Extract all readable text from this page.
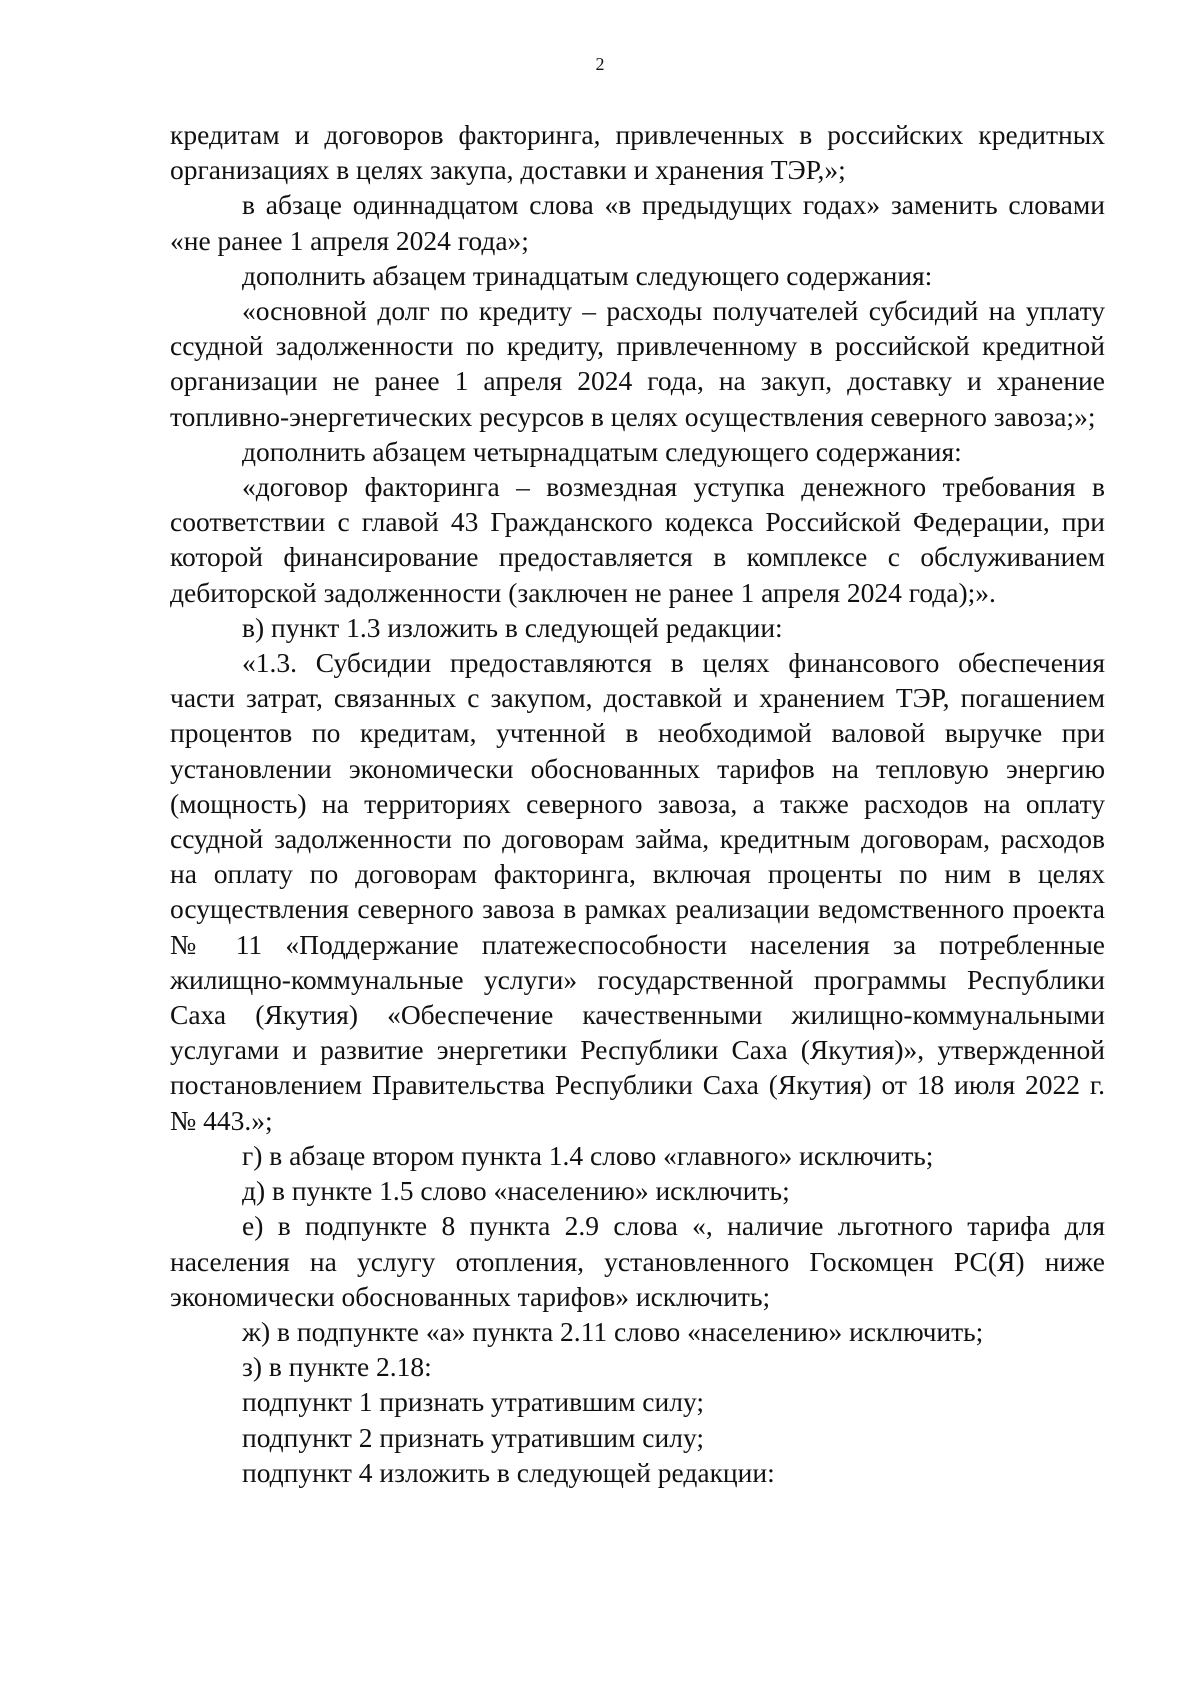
2

кредитам и договоров факторинга, привлеченных в российских кредитных организациях в целях закупа, доставки и хранения ТЭР,»;

в абзаце одиннадцатом слова «в предыдущих годах» заменить словами «не ранее 1 апреля 2024 года»;

дополнить абзацем тринадцатым следующего содержания:

«основной долг по кредиту – расходы получателей субсидий на уплату ссудной задолженности по кредиту, привлеченному в российской кредитной организации не ранее 1 апреля 2024 года, на закуп, доставку и хранение топливно-энергетических ресурсов в целях осуществления северного завоза;»;

дополнить абзацем четырнадцатым следующего содержания:

«договор факторинга – возмездная уступка денежного требования в соответствии с главой 43 Гражданского кодекса Российской Федерации, при которой финансирование предоставляется в комплексе с обслуживанием дебиторской задолженности (заключен не ранее 1 апреля 2024 года);».

в) пункт 1.3 изложить в следующей редакции:

«1.3. Субсидии предоставляются в целях финансового обеспечения части затрат, связанных с закупом, доставкой и хранением ТЭР, погашением процентов по кредитам, учтенной в необходимой валовой выручке при установлении экономически обоснованных тарифов на тепловую энергию (мощность) на территориях северного завоза, а также расходов на оплату ссудной задолженности по договорам займа, кредитным договорам, расходов на оплату по договорам факторинга, включая проценты по ним в целях осуществления северного завоза в рамках реализации ведомственного проекта № 11 «Поддержание платежеспособности населения за потребленные жилищно-коммунальные услуги» государственной программы Республики Саха (Якутия) «Обеспечение качественными жилищно-коммунальными услугами и развитие энергетики Республики Саха (Якутия)», утвержденной постановлением Правительства Республики Саха (Якутия) от 18 июля 2022 г. № 443.»;

г) в абзаце втором пункта 1.4 слово «главного» исключить;

д) в пункте 1.5 слово «населению» исключить;

е) в подпункте 8 пункта 2.9 слова «, наличие льготного тарифа для населения на услугу отопления, установленного Госкомцен РС(Я) ниже экономически обоснованных тарифов» исключить;

ж) в подпункте «а» пункта 2.11 слово «населению» исключить;

з) в пункте 2.18:

подпункт 1 признать утратившим силу;

подпункт 2 признать утратившим силу;

подпункт 4 изложить в следующей редакции:
